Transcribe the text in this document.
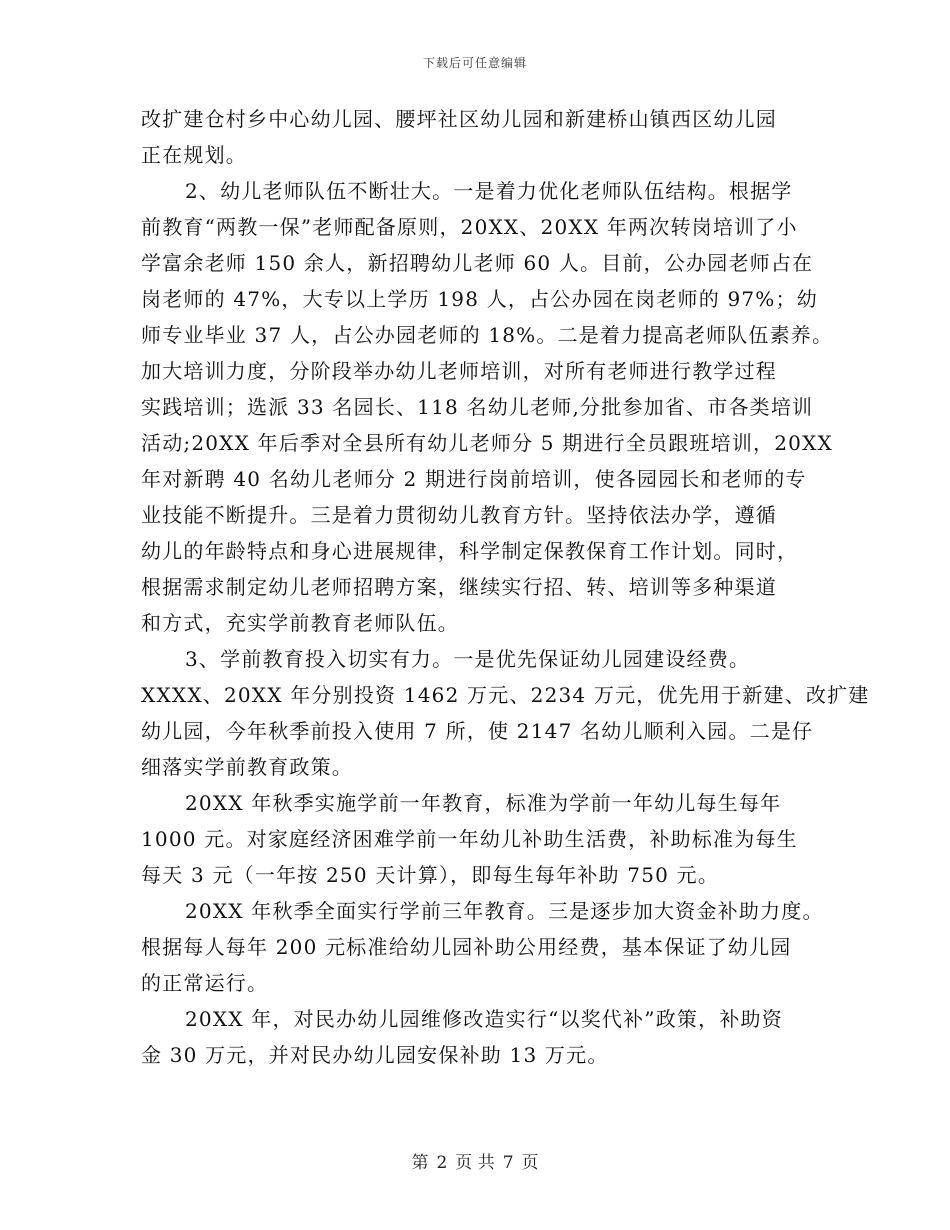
下载后可任意编辑
改扩建仓村乡中心幼儿园、腰坪社区幼儿园和新建桥山镇西区幼儿园
正在规划。
2、幼儿老师队伍不断壮大。一是着力优化老师队伍结构。根据学
前教育“两教一保”老师配备原则，20XX、20XX 年两次转岗培训了小
学富余老师 150 余人，新招聘幼儿老师 60 人。目前，公办园老师占在
岗老师的 47%，大专以上学历 198 人，占公办园在岗老师的 97%；幼
师专业毕业 37 人，占公办园老师的 18%。二是着力提高老师队伍素养。
加大培训力度，分阶段举办幼儿老师培训，对所有老师进行教学过程
实践培训；选派 33 名园长、118 名幼儿老师,分批参加省、市各类培训
活动;20XX 年后季对全县所有幼儿老师分 5 期进行全员跟班培训，20XX
年对新聘 40 名幼儿老师分 2 期进行岗前培训，使各园园长和老师的专
业技能不断提升。三是着力贯彻幼儿教育方针。坚持依法办学，遵循
幼儿的年龄特点和身心进展规律，科学制定保教保育工作计划。同时，
根据需求制定幼儿老师招聘方案，继续实行招、转、培训等多种渠道
和方式，充实学前教育老师队伍。
3、学前教育投入切实有力。一是优先保证幼儿园建设经费。
XXXX、20XX 年分别投资 1462 万元、2234 万元，优先用于新建、改扩建
幼儿园，今年秋季前投入使用 7 所，使 2147 名幼儿顺利入园。二是仔
细落实学前教育政策。
20XX 年秋季实施学前一年教育，标准为学前一年幼儿每生每年
1000 元。对家庭经济困难学前一年幼儿补助生活费，补助标准为每生
每天 3 元（一年按 250 天计算），即每生每年补助 750 元。
20XX 年秋季全面实行学前三年教育。三是逐步加大资金补助力度。
根据每人每年 200 元标准给幼儿园补助公用经费，基本保证了幼儿园
的正常运行。
20XX 年，对民办幼儿园维修改造实行“以奖代补”政策，补助资
金 30 万元，并对民办幼儿园安保补助 13 万元。
第 2 页 共 7 页
